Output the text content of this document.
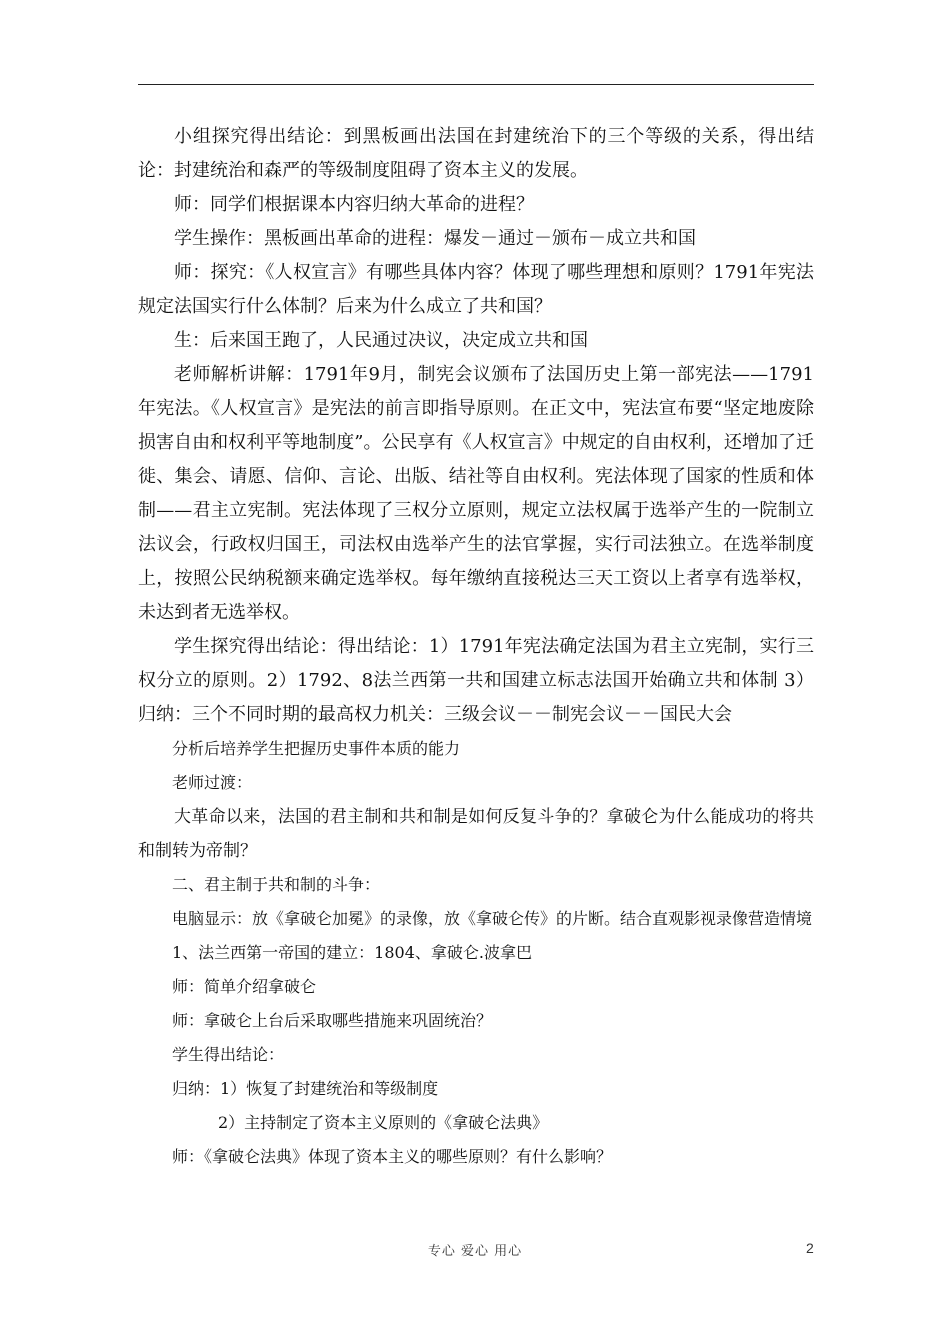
小组探究得出结论：到黑板画出法国在封建统治下的三个等级的关系，得出结论：封建统治和森严的等级制度阻碍了资本主义的发展。

师：同学们根据课本内容归纳大革命的进程？

学生操作：黑板画出革命的进程：爆发－通过－颁布－成立共和国

师：探究：《人权宣言》有哪些具体内容？体现了哪些理想和原则？1791年宪法规定法国实行什么体制？后来为什么成立了共和国？

生：后来国王跑了，人民通过决议，决定成立共和国

老师解析讲解：1791年9月，制宪会议颁布了法国历史上第一部宪法——1791年宪法。《人权宣言》是宪法的前言即指导原则。在正文中，宪法宣布要“坚定地废除损害自由和权利平等地制度”。公民享有《人权宣言》中规定的自由权利，还增加了迁徙、集会、请愿、信仰、言论、出版、结社等自由权利。宪法体现了国家的性质和体制——君主立宪制。宪法体现了三权分立原则，规定立法权属于选举产生的一院制立法议会，行政权归国王，司法权由选举产生的法官掌握，实行司法独立。在选举制度上，按照公民纳税额来确定选举权。每年缴纳直接税达三天工资以上者享有选举权，未达到者无选举权。

学生探究得出结论：得出结论：1）1791年宪法确定法国为君主立宪制，实行三权分立的原则。2）1792、8法兰西第一共和国建立标志法国开始确立共和体制 3）归纳：三个不同时期的最高权力机关：三级会议－－制宪会议－－国民大会

分析后培养学生把握历史事件本质的能力

老师过渡：

大革命以来，法国的君主制和共和制是如何反复斗争的？拿破仑为什么能成功的将共和制转为帝制？

二、君主制于共和制的斗争：

电脑显示：放《拿破仑加冕》的录像，放《拿破仑传》的片断。结合直观影视录像营造情境

1、法兰西第一帝国的建立：1804、拿破仑.波拿巴

师：简单介绍拿破仑

师：拿破仑上台后采取哪些措施来巩固统治？

学生得出结论：

归纳：1）恢复了封建统治和等级制度

2）主持制定了资本主义原则的《拿破仑法典》

师：《拿破仑法典》体现了资本主义的哪些原则？有什么影响？

专心 爱心 用心	2
